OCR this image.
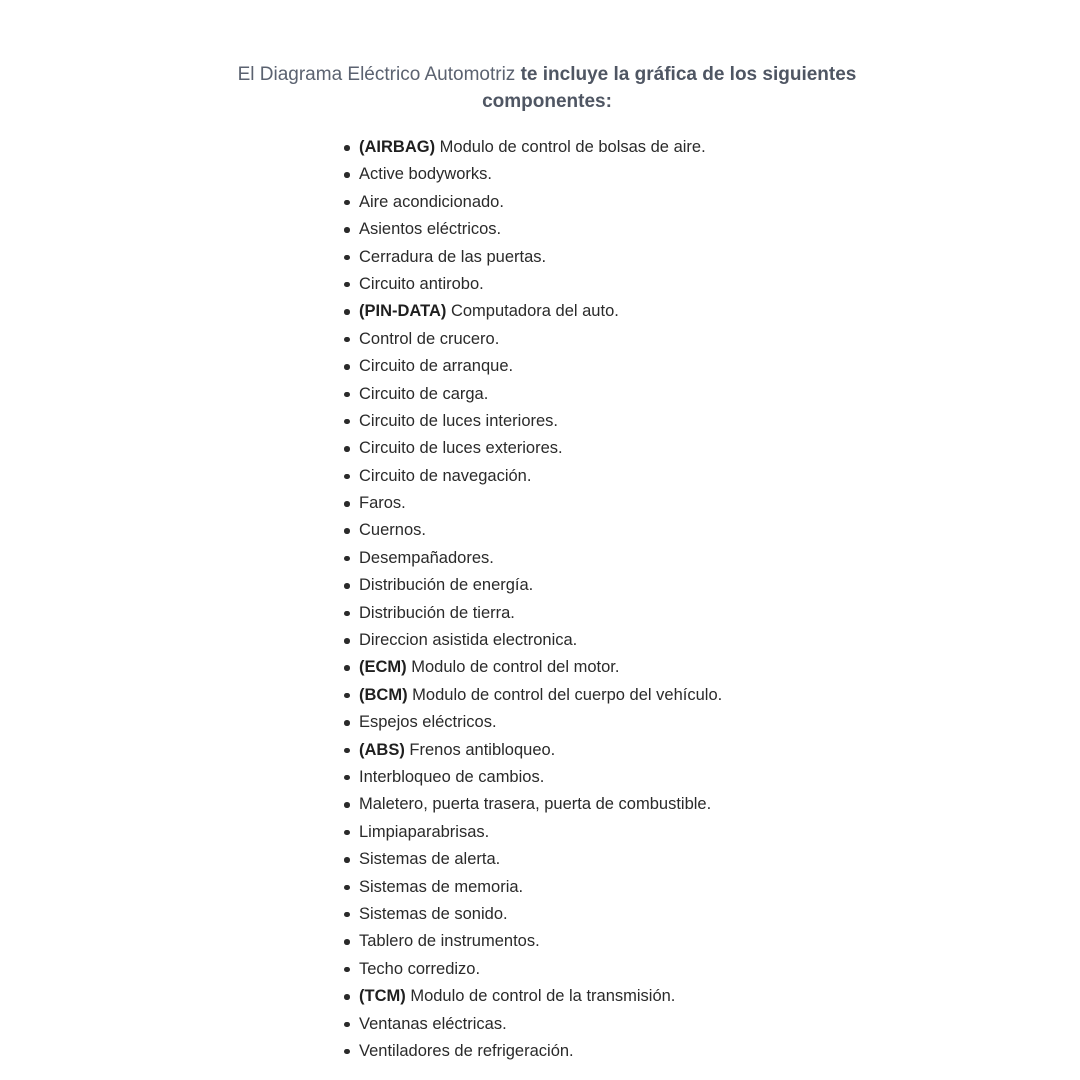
El Diagrama Eléctrico Automotriz te incluye la gráfica de los siguientes componentes:
(AIRBAG) Modulo de control de bolsas de aire.
Active bodyworks.
Aire acondicionado.
Asientos eléctricos.
Cerradura de las puertas.
Circuito antirobo.
(PIN-DATA) Computadora del auto.
Control de crucero.
Circuito de arranque.
Circuito de carga.
Circuito de luces interiores.
Circuito de luces exteriores.
Circuito de navegación.
Faros.
Cuernos.
Desempañadores.
Distribución de energía.
Distribución de tierra.
Direccion asistida electronica.
(ECM) Modulo de control del motor.
(BCM) Modulo de control del cuerpo del vehículo.
Espejos eléctricos.
(ABS) Frenos antibloqueo.
Interbloqueo de cambios.
Maletero, puerta trasera, puerta de combustible.
Limpiaparabrisas.
Sistemas de alerta.
Sistemas de memoria.
Sistemas de sonido.
Tablero de instrumentos.
Techo corredizo.
(TCM) Modulo de control de la transmisión.
Ventanas eléctricas.
Ventiladores de refrigeración.
